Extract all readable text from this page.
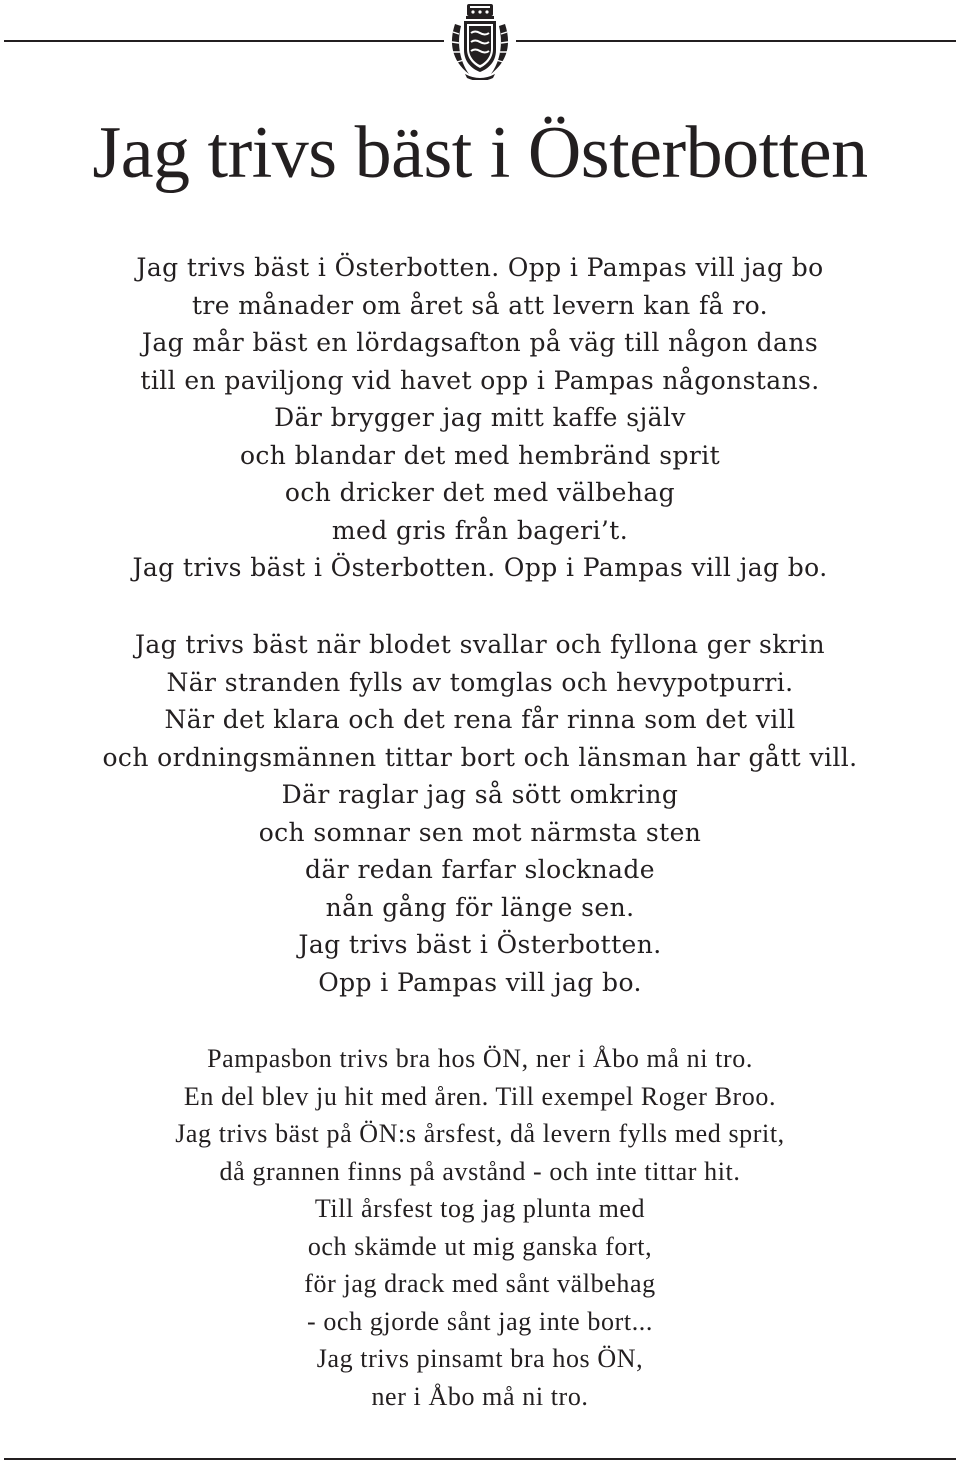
Jag trivs bäst i Österbotten
Jag trivs bäst i Österbotten. Opp i Pampas vill jag bo
tre månader om året så att levern kan få ro.
Jag mår bäst en lördagsafton på väg till någon dans
till en paviljong vid havet opp i Pampas någonstans.
Där brygger jag mitt kaffe själv
och blandar det med hembränd sprit
och dricker det med välbehag
med gris från bageri’t.
Jag trivs bäst i Österbotten. Opp i Pampas vill jag bo.
Jag trivs bäst när blodet svallar och fyllona ger skrin
När stranden fylls av tomglas och hevypotpurri.
När det klara och det rena får rinna som det vill
och ordningsmännen tittar bort och länsman har gått vill.
Där raglar jag så sött omkring
och somnar sen mot närmsta sten
där redan farfar slocknade
nån gång för länge sen.
Jag trivs bäst i Österbotten.
Opp i Pampas vill jag bo.
Pampasbon trivs bra hos ÖN, ner i Åbo må ni tro.
En del blev ju hit med åren. Till exempel Roger Broo.
Jag trivs bäst på ÖN:s årsfest, då levern fylls med sprit,
då grannen finns på avstånd - och inte tittar hit.
Till årsfest tog jag plunta med
och skämde ut mig ganska fort,
för jag drack med sånt välbehag
- och gjorde sånt jag inte bort...
Jag trivs pinsamt bra hos ÖN,
ner i Åbo må ni tro.
